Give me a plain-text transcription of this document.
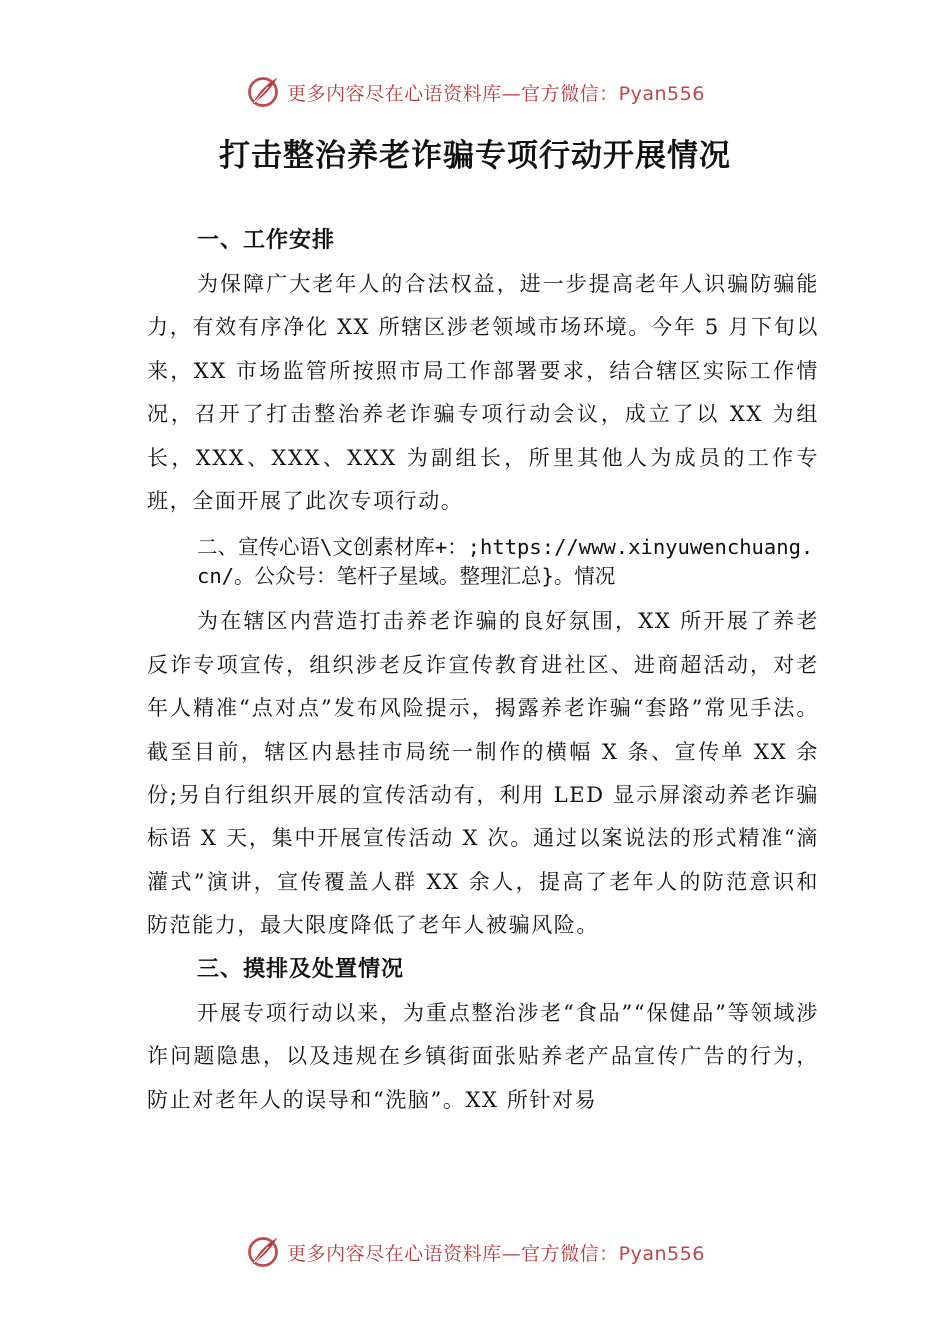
更多内容尽在心语资料库—官方微信：Pyan556
打击整治养老诈骗专项行动开展情况
一、工作安排

为保障广大老年人的合法权益，进一步提高老年人识骗防骗能力，有效有序净化 XX 所辖区涉老领域市场环境。今年 5 月下旬以来，XX 市场监管所按照市局工作部署要求，结合辖区实际工作情况，召开了打击整治养老诈骗专项行动会议，成立了以 XX 为组长，XXX、XXX、XXX 为副组长，所里其他人为成员的工作专班，全面开展了此次专项行动。

二、宣传心语\文创素材库+：;https://www.xinyuwenchuang.cn/。公众号：笔杆子星域。整理汇总}。情况

为在辖区内营造打击养老诈骗的良好氛围，XX 所开展了养老反诈专项宣传，组织涉老反诈宣传教育进社区、进商超活动，对老年人精准“点对点”发布风险提示，揭露养老诈骗“套路”常见手法。截至目前，辖区内悬挂市局统一制作的横幅 X 条、宣传单 XX 余份;另自行组织开展的宣传活动有，利用 LED 显示屏滚动养老诈骗标语 X 天，集中开展宣传活动 X 次。通过以案说法的形式精准“滴灌式”演讲，宣传覆盖人群 XX 余人，提高了老年人的防范意识和防范能力，最大限度降低了老年人被骗风险。

三、摸排及处置情况

开展专项行动以来，为重点整治涉老“食品”“保健品”等领域涉诈问题隐患，以及违规在乡镇街面张贴养老产品宣传广告的行为，防止对老年人的误导和“洗脑”。XX 所针对易

更多内容尽在心语资料库—官方微信：Pyan556
